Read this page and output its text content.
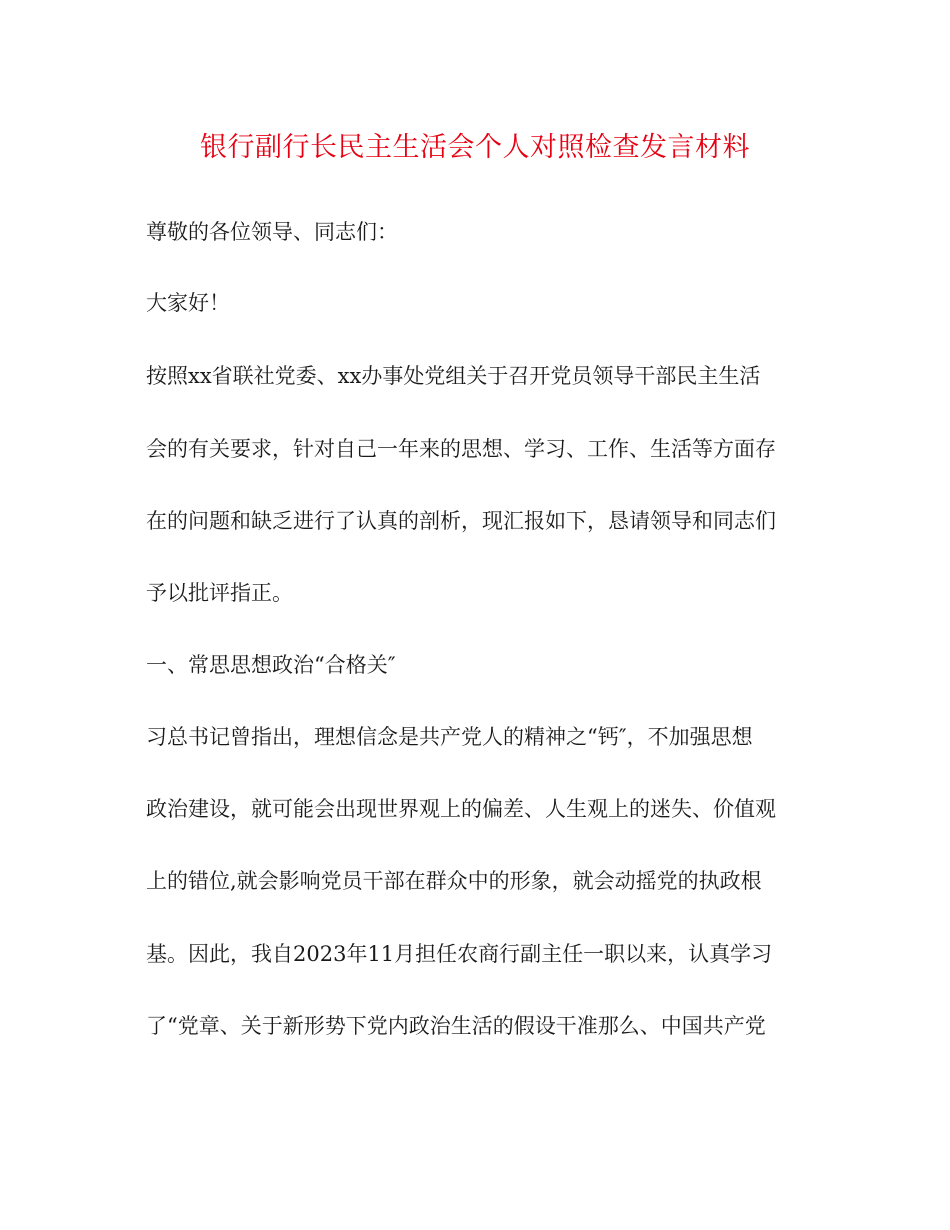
银行副行长民主生活会个人对照检查发言材料
尊敬的各位领导、同志们：
大家好！
按照xx省联社党委、xx办事处党组关于召开党员领导干部民主生活
会的有关要求，针对自己一年来的思想、学习、工作、生活等方面存
在的问题和缺乏进行了认真的剖析，现汇报如下，恳请领导和同志们
予以批评指正。
一、常思思想政治“合格关″
习总书记曾指出，理想信念是共产党人的精神之“钙″，不加强思想
政治建设，就可能会出现世界观上的偏差、人生观上的迷失、价值观
上的错位,就会影响党员干部在群众中的形象，就会动摇党的执政根
基。因此，我自2023年11月担任农商行副主任一职以来，认真学习
了“党章、关于新形势下党内政治生活的假设干准那么、中国共产党
